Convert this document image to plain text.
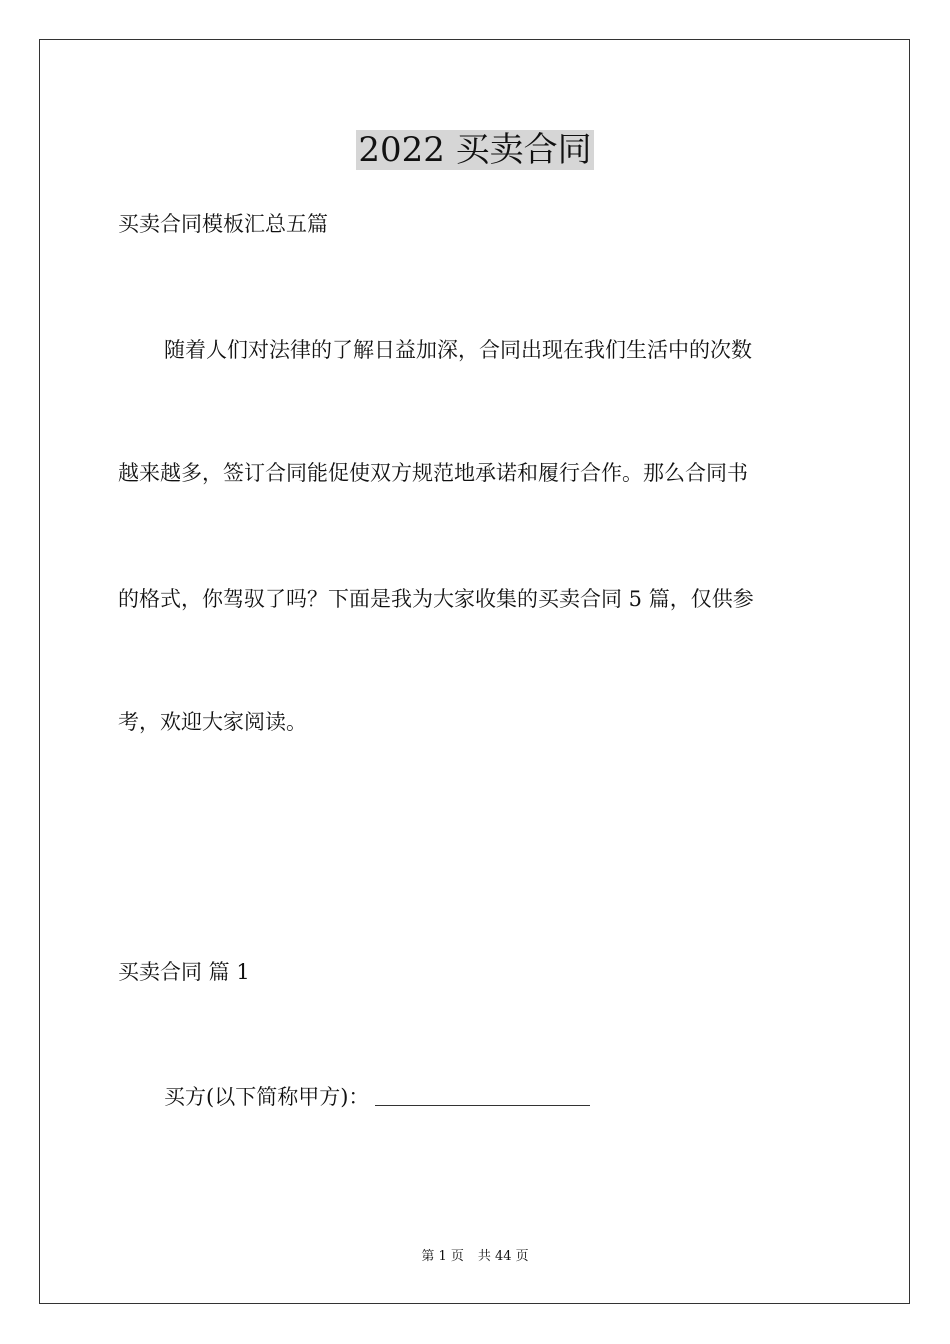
2022 买卖合同
买卖合同模板汇总五篇
随着人们对法律的了解日益加深，合同出现在我们生活中的次数
越来越多，签订合同能促使双方规范地承诺和履行合作。那么合同书
的格式，你驾驭了吗？下面是我为大家收集的买卖合同 5 篇，仅供参
考，欢迎大家阅读。
买卖合同 篇 1
买方(以下简称甲方)：
第 1 页 共 44 页
